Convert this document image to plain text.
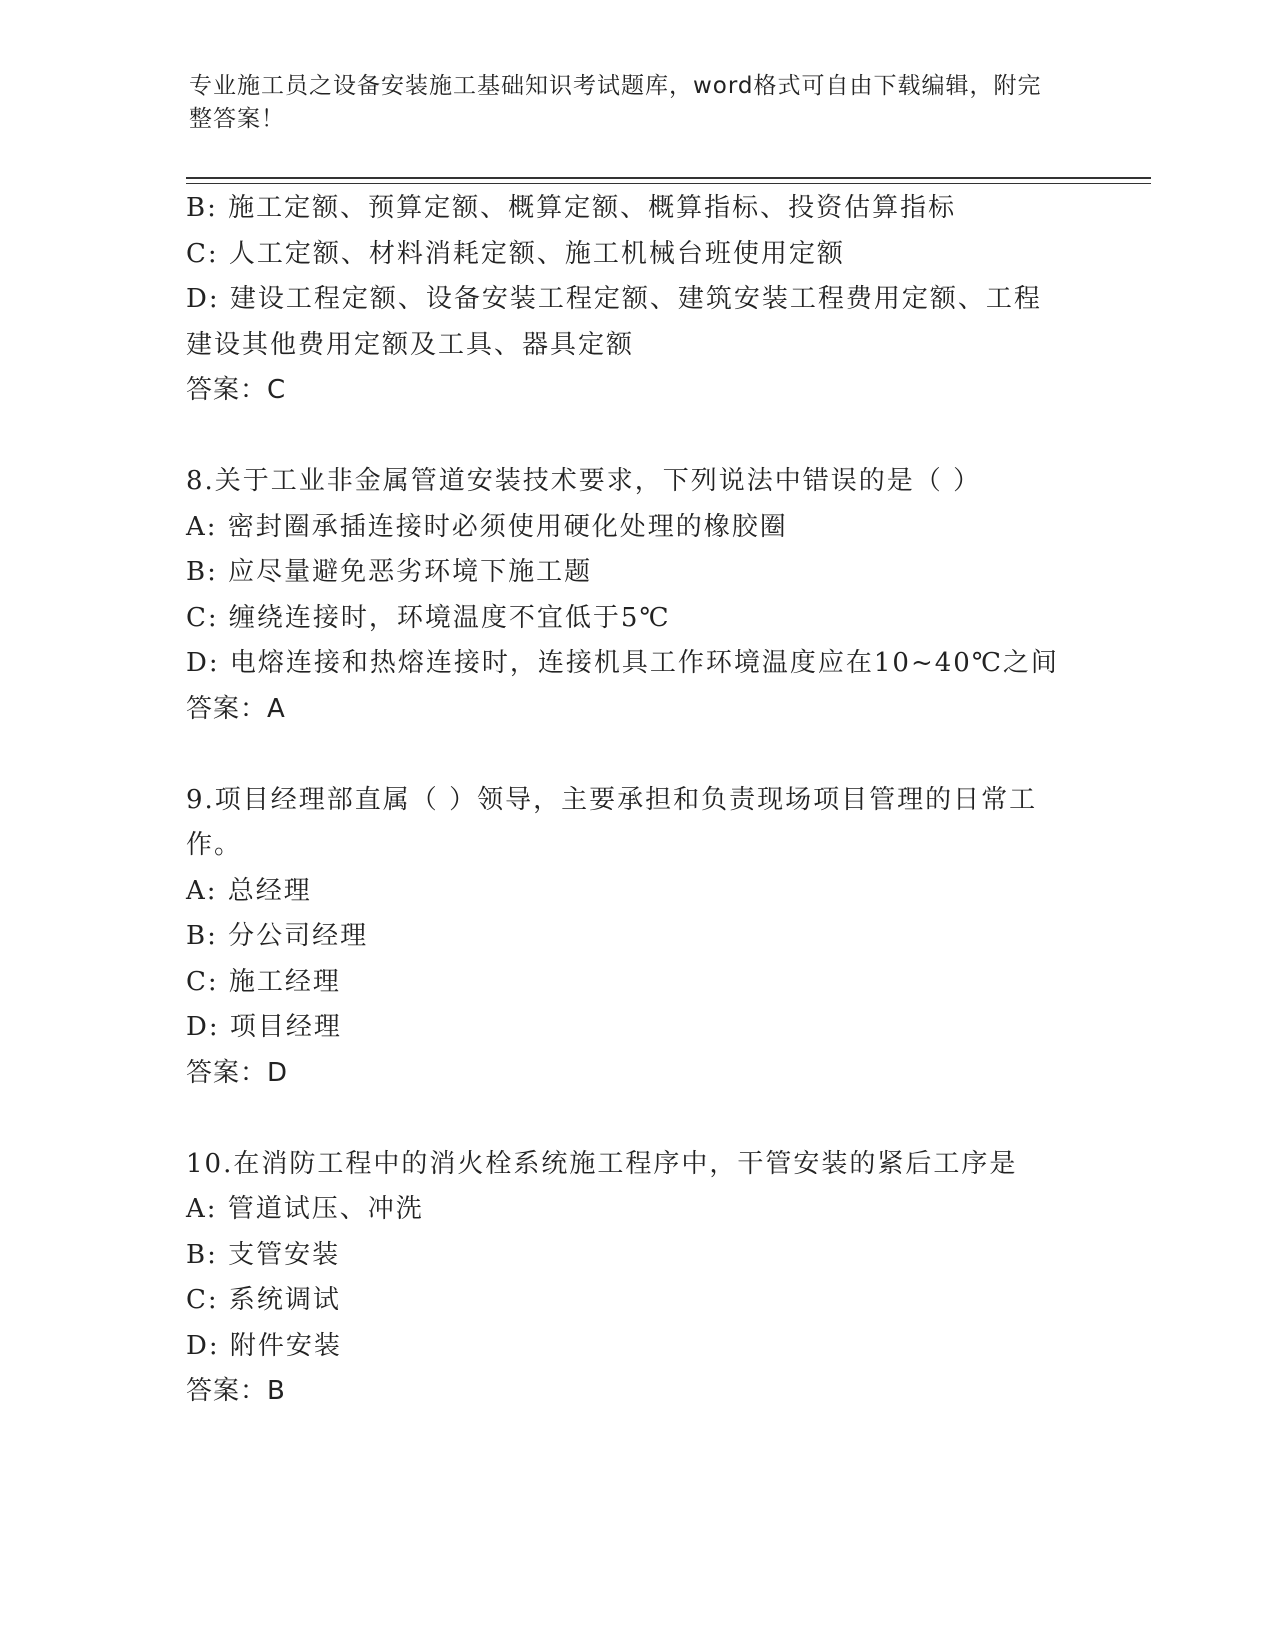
专业施工员之设备安装施工基础知识考试题库，word格式可自由下载编辑，附完
整答案！

B: 施工定额、预算定额、概算定额、概算指标、投资估算指标

C: 人工定额、材料消耗定额、施工机械台班使用定额

D: 建设工程定额、设备安装工程定额、建筑安装工程费用定额、工程

建设其他费用定额及工具、器具定额

答案：C

8.关于工业非金属管道安装技术要求，下列说法中错误的是（ ）

A: 密封圈承插连接时必须使用硬化处理的橡胶圈

B: 应尽量避免恶劣环境下施工题

C: 缠绕连接时，环境温度不宜低于5℃

D: 电熔连接和热熔连接时，连接机具工作环境温度应在10~40℃之间

答案：A

9.项目经理部直属（ ）领导，主要承担和负责现场项目管理的日常工

作。

A: 总经理

B: 分公司经理

C: 施工经理

D: 项目经理

答案：D

10.在消防工程中的消火栓系统施工程序中，干管安装的紧后工序是

A: 管道试压、冲洗

B: 支管安装

C: 系统调试

D: 附件安装

答案：B
